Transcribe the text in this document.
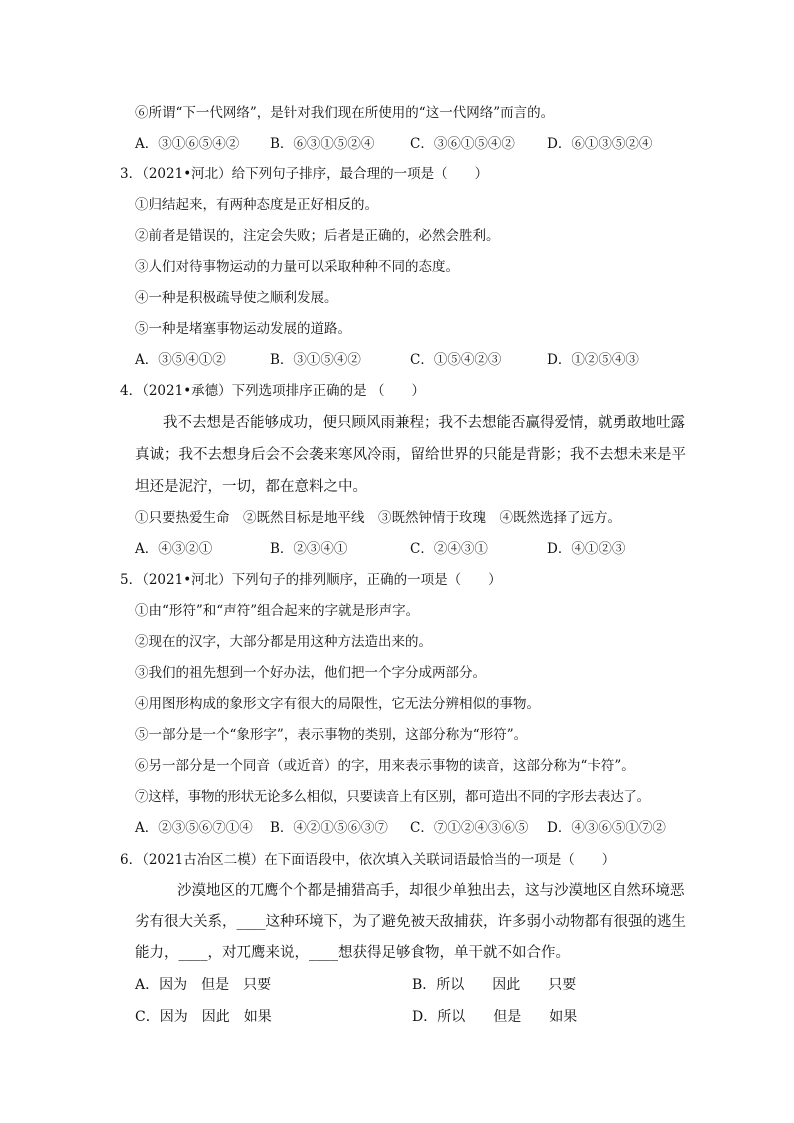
⑥所谓“下一代网络”，是针对我们现在所使用的“这一代网络”而言的。
A．③①⑥⑤④② B．⑥③①⑤②④	C．③⑥①⑤④② D．⑥①③⑤②④
3．（2021•河北）给下列句子排序，最合理的一项是（　　）
①归结起来，有两种态度是正好相反的。
②前者是错误的，注定会失败；后者是正确的，必然会胜利。
③人们对待事物运动的力量可以采取种种不同的态度。
④一种是积极疏导使之顺利发展。
⑤一种是堵塞事物运动发展的道路。
A．③⑤④①②	B．③①⑤④②	C．①⑤④②③	D．①②⑤④③
4．（2021•承德）下列选项排序正确的是 （　　）
我不去想是否能够成功，便只顾风雨兼程；我不去想能否赢得爱情，就勇敢地吐露
真诚；我不去想身后会不会袭来寒风冷雨，留给世界的只能是背影；我不去想未来是平
坦还是泥泞，一切，都在意料之中。
①只要热爱生命　②既然目标是地平线　③既然钟情于玫瑰　④既然选择了远方。
A．④③②①	B．②③④①	C．②④③①	D．④①②③
5．（2021•河北）下列句子的排列顺序，正确的一项是（　　）
①由“形符”和“声符”组合起来的字就是形声字。
②现在的汉字，大部分都是用这种方法造出来的。
③我们的祖先想到一个好办法，他们把一个字分成两部分。
④用图形构成的象形文字有很大的局限性，它无法分辨相似的事物。
⑤一部分是一个“象形字”，表示事物的类别，这部分称为“形符”。
⑥另一部分是一个同音（或近音）的字，用来表示事物的读音，这部分称为“卡符”。
⑦这样，事物的形状无论多么相似，只要读音上有区别，都可造出不同的字形去表达了。
A．②③⑤⑥⑦①④ B．④②①⑤⑥③⑦ C．⑦①②④③⑥⑤ D．④③⑥⑤①⑦②
6．（2021古冶区二模）在下面语段中，依次填入关联词语最恰当的一项是（　　）
沙漠地区的兀鹰个个都是捕猎高手，却很少单独出去，这与沙漠地区自然环境恶
劣有很大关系，____这种环境下，为了避免被天敌捕获，许多弱小动物都有很强的逃生
能力，____，对兀鹰来说，____想获得足够食物，单干就不如合作。
A．因为　但是　只要	B．所以　　因此　　只要
C．因为　因此　如果	D．所以　　但是　　如果
